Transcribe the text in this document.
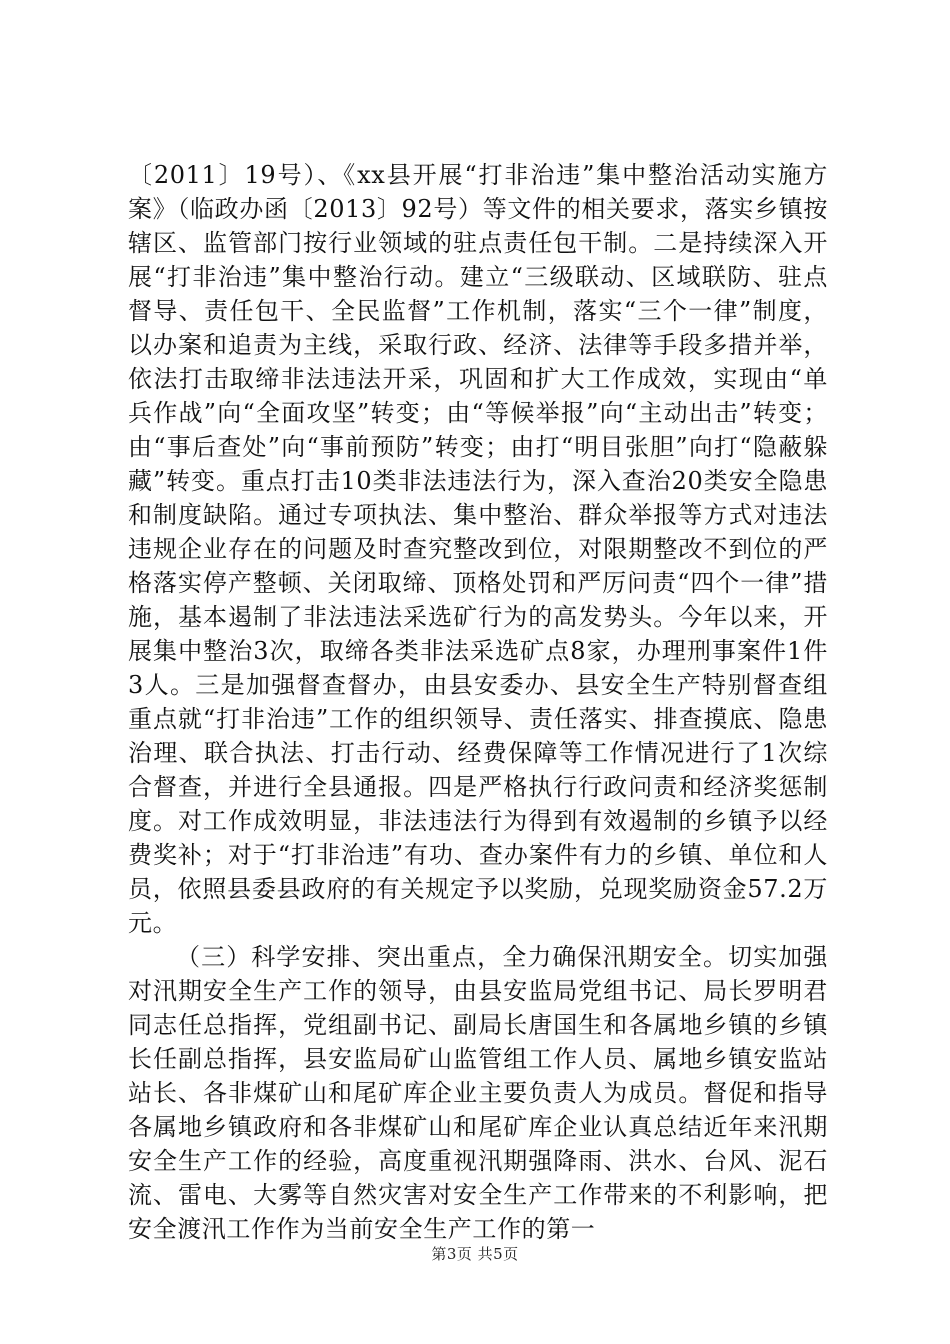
〔2011〕19号）、《xx县开展“打非治违”集中整治活动实施方案》（临政办函〔2013〕92号）等文件的相关要求，落实乡镇按辖区、监管部门按行业领域的驻点责任包干制。二是持续深入开展“打非治违”集中整治行动。建立“三级联动、区域联防、驻点督导、责任包干、全民监督”工作机制，落实“三个一律”制度，以办案和追责为主线，采取行政、经济、法律等手段多措并举，依法打击取缔非法违法开采，巩固和扩大工作成效，实现由“单兵作战”向“全面攻坚”转变；由“等候举报”向“主动出击”转变；由“事后查处”向“事前预防”转变；由打“明目张胆”向打“隐蔽躲藏”转变。重点打击10类非法违法行为，深入查治20类安全隐患和制度缺陷。通过专项执法、集中整治、群众举报等方式对违法违规企业存在的问题及时查究整改到位，对限期整改不到位的严格落实停产整顿、关闭取缔、顶格处罚和严厉问责“四个一律”措施，基本遏制了非法违法采选矿行为的高发势头。今年以来，开展集中整治3次，取缔各类非法采选矿点8家，办理刑事案件1件3人。三是加强督查督办，由县安委办、县安全生产特别督查组重点就“打非治违”工作的组织领导、责任落实、排查摸底、隐患治理、联合执法、打击行动、经费保障等工作情况进行了1次综合督查，并进行全县通报。四是严格执行行政问责和经济奖惩制度。对工作成效明显，非法违法行为得到有效遏制的乡镇予以经费奖补；对于“打非治违”有功、查办案件有力的乡镇、单位和人员，依照县委县政府的有关规定予以奖励，兑现奖励资金57.2万元。

（三）科学安排、突出重点，全力确保汛期安全。切实加强对汛期安全生产工作的领导，由县安监局党组书记、局长罗明君同志任总指挥，党组副书记、副局长唐国生和各属地乡镇的乡镇长任副总指挥，县安监局矿山监管组工作人员、属地乡镇安监站站长、各非煤矿山和尾矿库企业主要负责人为成员。督促和指导各属地乡镇政府和各非煤矿山和尾矿库企业认真总结近年来汛期安全生产工作的经验，高度重视汛期强降雨、洪水、台风、泥石流、雷电、大雾等自然灾害对安全生产工作带来的不利影响，把安全渡汛工作作为当前安全生产工作的第一

第3页 共5页
